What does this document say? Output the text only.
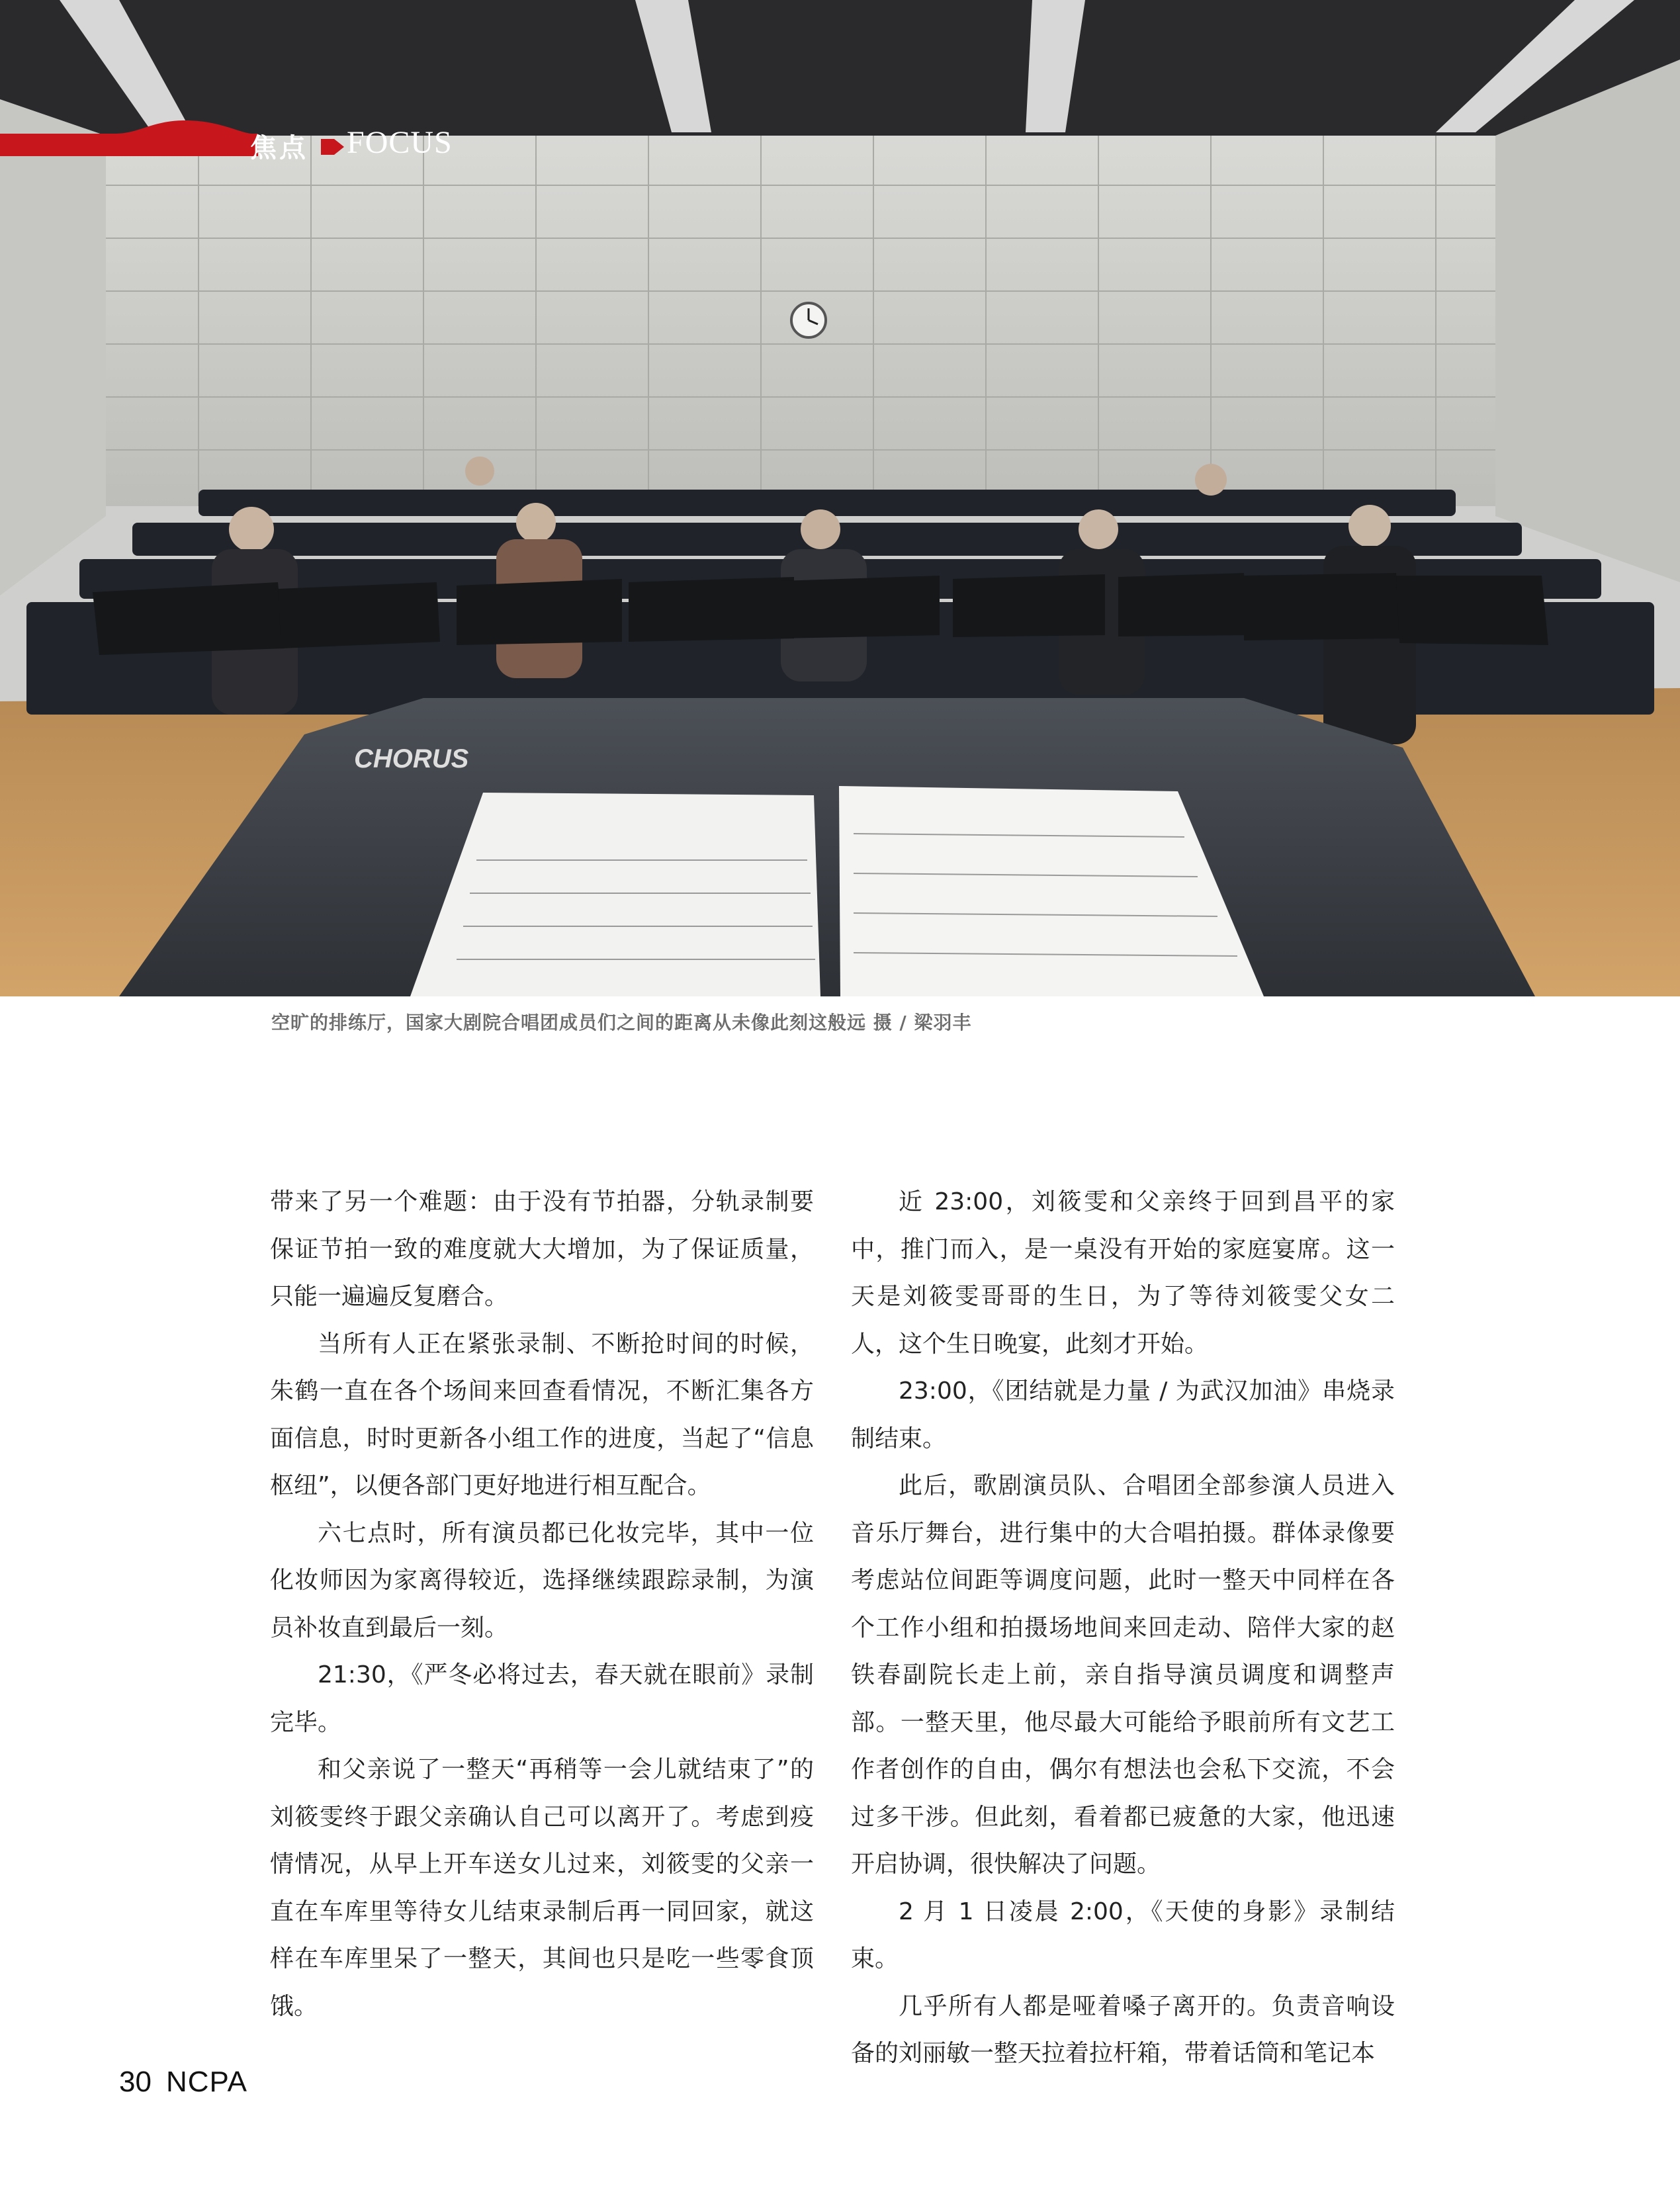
CHORUS
焦点 FOCUS
空旷的排练厅，国家大剧院合唱团成员们之间的距离从未像此刻这般远 摄 / 梁羽丰

带来了另一个难题：由于没有节拍器，分轨录制要保证节拍一致的难度就大大增加，为了保证质量，只能一遍遍反复磨合。

当所有人正在紧张录制、不断抢时间的时候，朱鹤一直在各个场间来回查看情况，不断汇集各方面信息，时时更新各小组工作的进度，当起了“信息枢纽”，以便各部门更好地进行相互配合。

六七点时，所有演员都已化妆完毕，其中一位化妆师因为家离得较近，选择继续跟踪录制，为演员补妆直到最后一刻。

21:30，《严冬必将过去，春天就在眼前》录制完毕。

和父亲说了一整天“再稍等一会儿就结束了”的刘筱雯终于跟父亲确认自己可以离开了。考虑到疫情情况，从早上开车送女儿过来，刘筱雯的父亲一直在车库里等待女儿结束录制后再一同回家，就这样在车库里呆了一整天，其间也只是吃一些零食顶饿。

近 23:00，刘筱雯和父亲终于回到昌平的家中，推门而入，是一桌没有开始的家庭宴席。这一天是刘筱雯哥哥的生日，为了等待刘筱雯父女二人，这个生日晚宴，此刻才开始。

23:00，《团结就是力量 / 为武汉加油》串烧录制结束。

此后，歌剧演员队、合唱团全部参演人员进入音乐厅舞台，进行集中的大合唱拍摄。群体录像要考虑站位间距等调度问题，此时一整天中同样在各个工作小组和拍摄场地间来回走动、陪伴大家的赵铁春副院长走上前，亲自指导演员调度和调整声部。一整天里，他尽最大可能给予眼前所有文艺工作者创作的自由，偶尔有想法也会私下交流，不会过多干涉。但此刻，看着都已疲惫的大家，他迅速开启协调，很快解决了问题。

2 月 1 日凌晨 2:00，《天使的身影》录制结束。

几乎所有人都是哑着嗓子离开的。负责音响设备的刘丽敏一整天拉着拉杆箱，带着话筒和笔记本

30 NCPA
